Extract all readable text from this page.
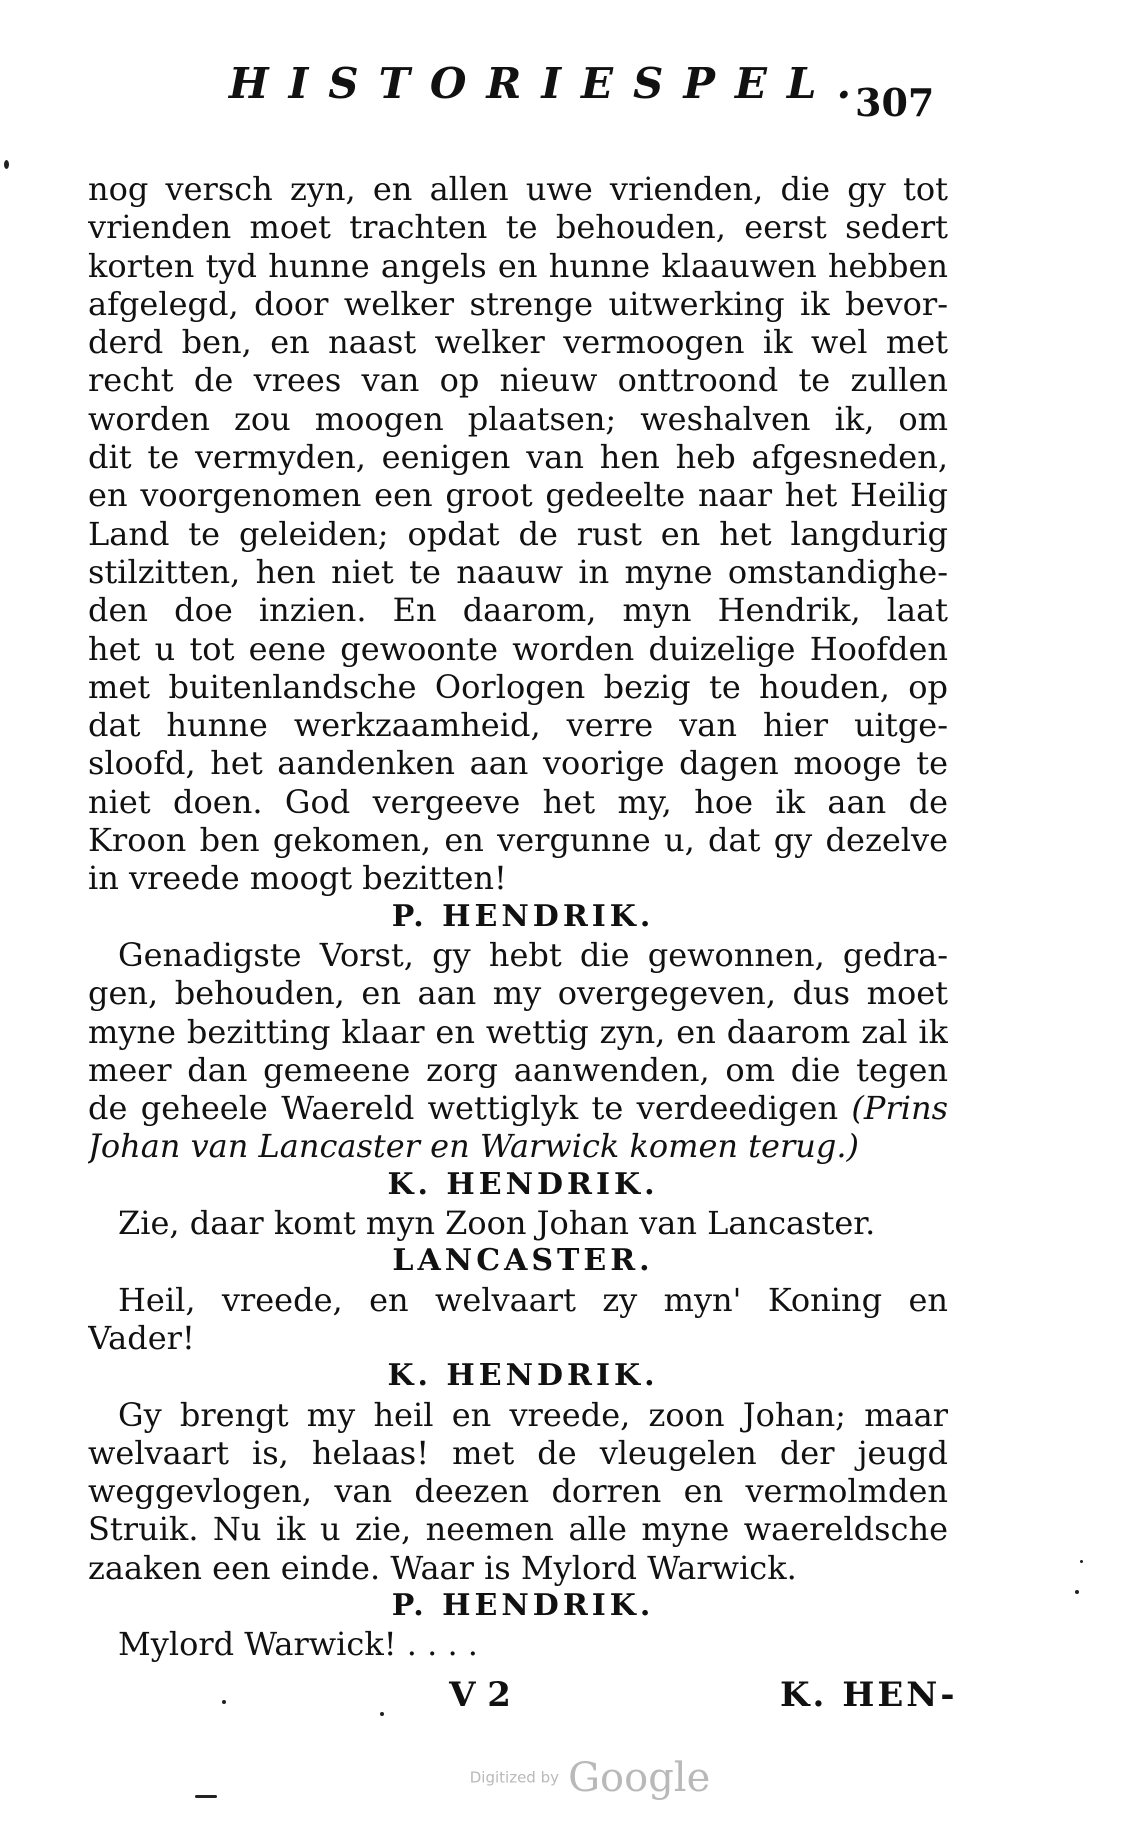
HISTORIESPEL.
307
nog versch zyn, en allen uwe vrienden, die gy tot
vrienden moet trachten te behouden, eerst sedert
korten tyd hunne angels en hunne klaauwen hebben
afgelegd, door welker strenge uitwerking ik bevor-
derd ben, en naast welker vermoogen ik wel met
recht de vrees van op nieuw onttroond te zullen
worden zou moogen plaatsen; weshalven ik, om
dit te vermyden, eenigen van hen heb afgesneden,
en voorgenomen een groot gedeelte naar het Heilig
Land te geleiden; opdat de rust en het langdurig
stilzitten, hen niet te naauw in myne omstandighe-
den doe inzien. En daarom, myn Hendrik, laat
het u tot eene gewoonte worden duizelige Hoofden
met buitenlandsche Oorlogen bezig te houden, op
dat hunne werkzaamheid, verre van hier uitge-
sloofd, het aandenken aan voorige dagen mooge te
niet doen. God vergeeve het my, hoe ik aan de
Kroon ben gekomen, en vergunne u, dat gy dezelve
in vreede moogt bezitten!
P. HENDRIK.
Genadigste Vorst, gy hebt die gewonnen, gedra-
gen, behouden, en aan my overgegeven, dus moet
myne bezitting klaar en wettig zyn, en daarom zal ik
meer dan gemeene zorg aanwenden, om die tegen
de geheele Waereld wettiglyk te verdeedigen (Prins
Johan van Lancaster en Warwick komen terug.)
K. HENDRIK.
Zie, daar komt myn Zoon Johan van Lancaster.
LANCASTER.
Heil, vreede, en welvaart zy myn' Koning en
Vader!
K. HENDRIK.
Gy brengt my heil en vreede, zoon Johan; maar
welvaart is, helaas! met de vleugelen der jeugd
weggevlogen, van deezen dorren en vermolmden
Struik. Nu ik u zie, neemen alle myne waereldsche
zaaken een einde. Waar is Mylord Warwick.
P. HENDRIK.
Mylord Warwick! . . . .
V 2	K. HEN-
Digitized by Google
